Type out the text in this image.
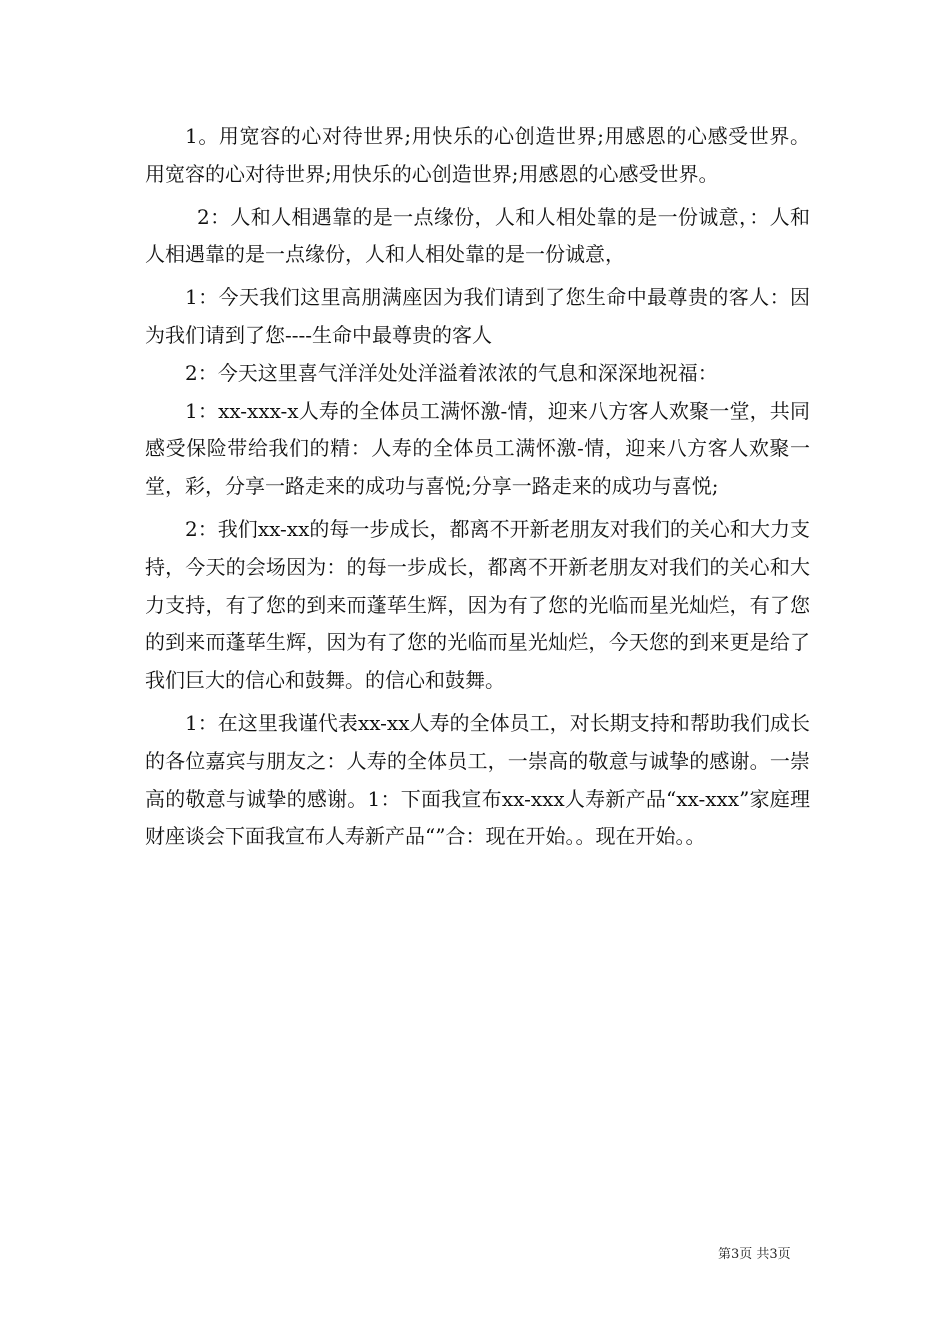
1。用宽容的心对待世界;用快乐的心创造世界;用感恩的心感受世界。用宽容的心对待世界;用快乐的心创造世界;用感恩的心感受世界。

2：人和人相遇靠的是一点缘份，人和人相处靠的是一份诚意，：人和人相遇靠的是一点缘份，人和人相处靠的是一份诚意，

1：今天我们这里高朋满座因为我们请到了您生命中最尊贵的客人：因为我们请到了您----生命中最尊贵的客人

2：今天这里喜气洋洋处处洋溢着浓浓的气息和深深地祝福：

1：xx-xxx-x人寿的全体员工满怀激-情，迎来八方客人欢聚一堂，共同感受保险带给我们的精：人寿的全体员工满怀激-情，迎来八方客人欢聚一堂，彩，分享一路走来的成功与喜悦;分享一路走来的成功与喜悦;

2：我们xx-xx的每一步成长，都离不开新老朋友对我们的关心和大力支持，今天的会场因为：的每一步成长，都离不开新老朋友对我们的关心和大力支持，有了您的到来而蓬荜生辉，因为有了您的光临而星光灿烂，有了您的到来而蓬荜生辉，因为有了您的光临而星光灿烂，今天您的到来更是给了我们巨大的信心和鼓舞。的信心和鼓舞。

1：在这里我谨代表xx-xx人寿的全体员工，对长期支持和帮助我们成长的各位嘉宾与朋友之：人寿的全体员工，一崇高的敬意与诚挚的感谢。一崇高的敬意与诚挚的感谢。1：下面我宣布xx-xxx人寿新产品“xx-xxx”家庭理财座谈会下面我宣布人寿新产品“”合：现在开始。。现在开始。。

第3页 共3页
